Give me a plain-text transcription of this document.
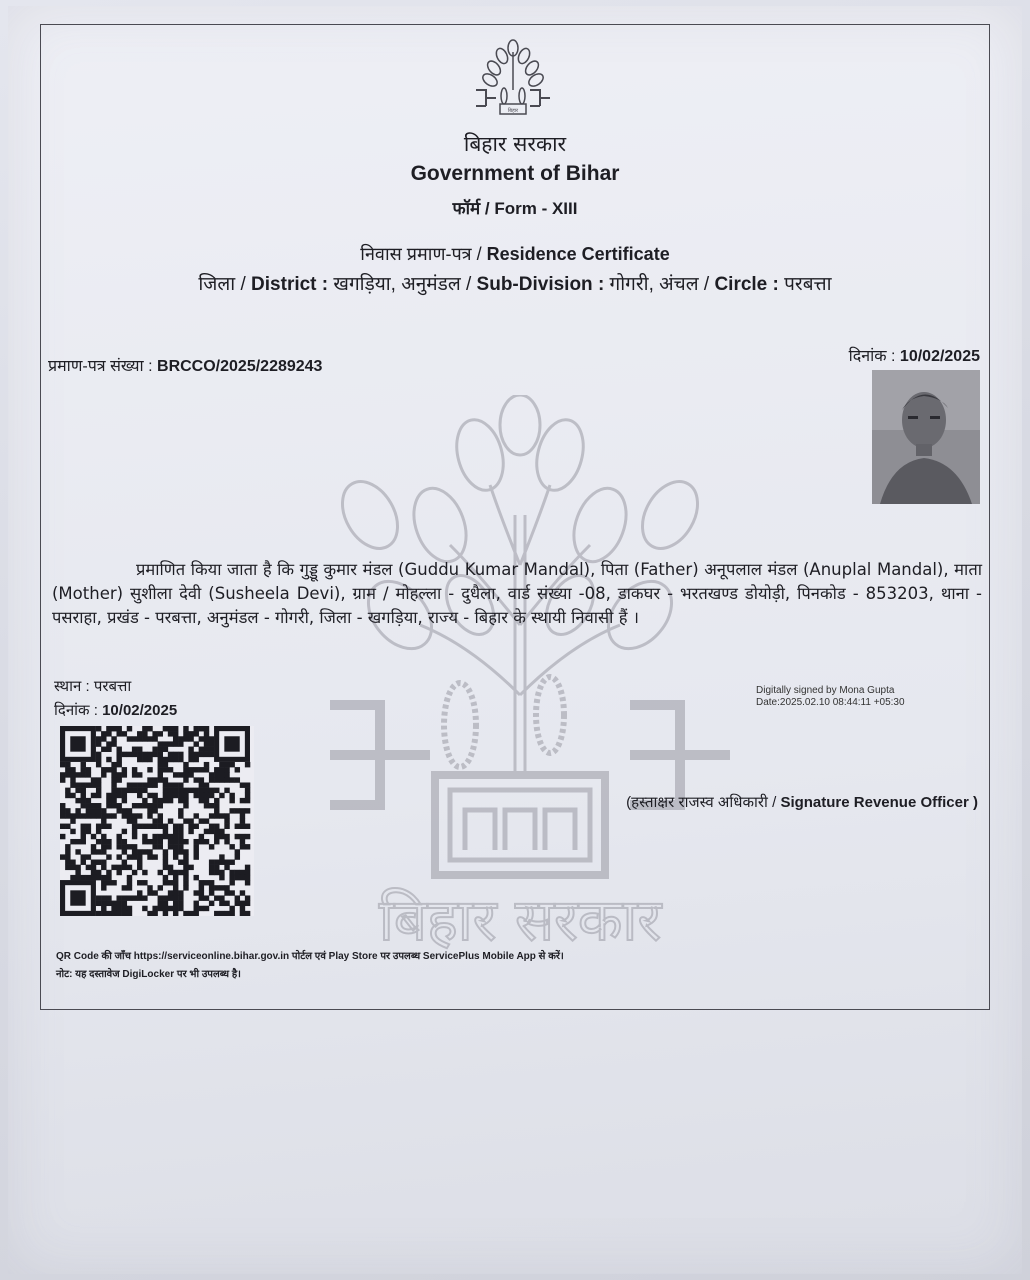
बिहार सरकार
बिहार
बिहार सरकार
Government of Bihar
फॉर्म / Form - XIII
निवास प्रमाण-पत्र / Residence Certificate
जिला / District : खगड़िया, अनुमंडल / Sub-Division : गोगरी, अंचल / Circle : परबत्ता
प्रमाण-पत्र संख्या : BRCCO/2025/2289243
दिनांक : 10/02/2025
प्रमाणित किया जाता है कि गुड्डू कुमार मंडल (Guddu Kumar Mandal), पिता (Father) अनूपलाल मंडल (Anuplal Mandal), माता (Mother) सुशीला देवी (Susheela Devi), ग्राम / मोहल्ला - दुधैला, वार्ड संख्या -08, डाकघर - भरतखण्ड डोयोड़ी, पिनकोड - 853203, थाना - पसराहा, प्रखंड - परबत्ता, अनुमंडल - गोगरी, जिला - खगड़िया, राज्य - बिहार के स्थायी निवासी हैं ।
स्थान : परबत्ता
दिनांक : 10/02/2025
Digitally signed by Mona Gupta
Date:2025.02.10 08:44:11 +05:30
(हस्ताक्षर राजस्व अधिकारी / Signature Revenue Officer )
QR Code की जाँच https://serviceonline.bihar.gov.in पोर्टल एवं Play Store पर उपलब्ध ServicePlus Mobile App से करें।
नोट: यह दस्तावेज DigiLocker पर भी उपलब्ध है।
